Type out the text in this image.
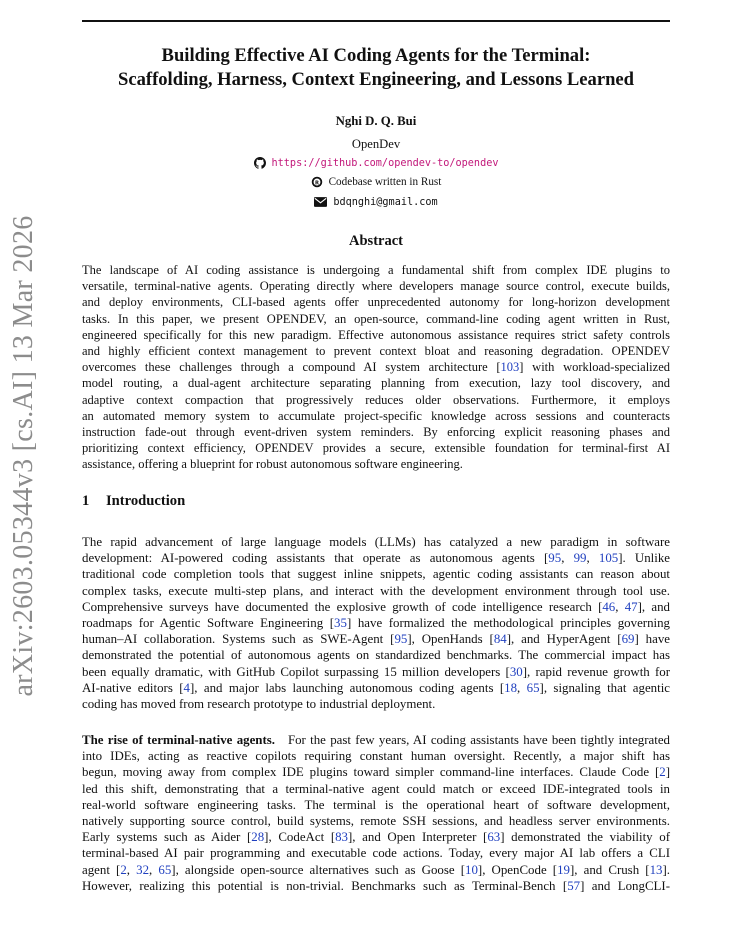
arXiv:2603.05344v3 [cs.AI] 13 Mar 2026
Building Effective AI Coding Agents for the Terminal:
Scaffolding, Harness, Context Engineering, and Lessons Learned
Nghi D. Q. Bui
OpenDev
https://github.com/opendev-to/opendev
R Codebase written in Rust
bdqnghi@gmail.com
Abstract
The landscape of AI coding assistance is undergoing a fundamental shift from complex IDE plugins to
versatile, terminal-native agents. Operating directly where developers manage source control, execute builds,
and deploy environments, CLI-based agents offer unprecedented autonomy for long-horizon development
tasks. In this paper, we present OPENDEV, an open-source, command-line coding agent written in Rust,
engineered specifically for this new paradigm. Effective autonomous assistance requires strict safety controls
and highly efficient context management to prevent context bloat and reasoning degradation. OPENDEV
overcomes these challenges through a compound AI system architecture [103] with workload-specialized
model routing, a dual-agent architecture separating planning from execution, lazy tool discovery, and
adaptive context compaction that progressively reduces older observations. Furthermore, it employs
an automated memory system to accumulate project-specific knowledge across sessions and counteracts
instruction fade-out through event-driven system reminders. By enforcing explicit reasoning phases and
prioritizing context efficiency, OPENDEV provides a secure, extensible foundation for terminal-first AI
assistance, offering a blueprint for robust autonomous software engineering.
1 Introduction
The rapid advancement of large language models (LLMs) has catalyzed a new paradigm in software
development: AI-powered coding assistants that operate as autonomous agents [95, 99, 105]. Unlike
traditional code completion tools that suggest inline snippets, agentic coding assistants can reason about
complex tasks, execute multi-step plans, and interact with the development environment through tool use.
Comprehensive surveys have documented the explosive growth of code intelligence research [46, 47], and
roadmaps for Agentic Software Engineering [35] have formalized the methodological principles governing
human–AI collaboration. Systems such as SWE-Agent [95], OpenHands [84], and HyperAgent [69] have
demonstrated the potential of autonomous agents on standardized benchmarks. The commercial impact has
been equally dramatic, with GitHub Copilot surpassing 15 million developers [30], rapid revenue growth for
AI-native editors [4], and major labs launching autonomous coding agents [18, 65], signaling that agentic
coding has moved from research prototype to industrial deployment.
The rise of terminal-native agents. For the past few years, AI coding assistants have been tightly integrated
into IDEs, acting as reactive copilots requiring constant human oversight. Recently, a major shift has
begun, moving away from complex IDE plugins toward simpler command-line interfaces. Claude Code [2]
led this shift, demonstrating that a terminal-native agent could match or exceed IDE-integrated tools in
real-world software engineering tasks. The terminal is the operational heart of software development,
natively supporting source control, build systems, remote SSH sessions, and headless server environments.
Early systems such as Aider [28], CodeAct [83], and Open Interpreter [63] demonstrated the viability of
terminal-based AI pair programming and executable code actions. Today, every major AI lab offers a CLI
agent [2, 32, 65], alongside open-source alternatives such as Goose [10], OpenCode [19], and Crush [13].
However, realizing this potential is non-trivial. Benchmarks such as Terminal-Bench [57] and LongCLI-
